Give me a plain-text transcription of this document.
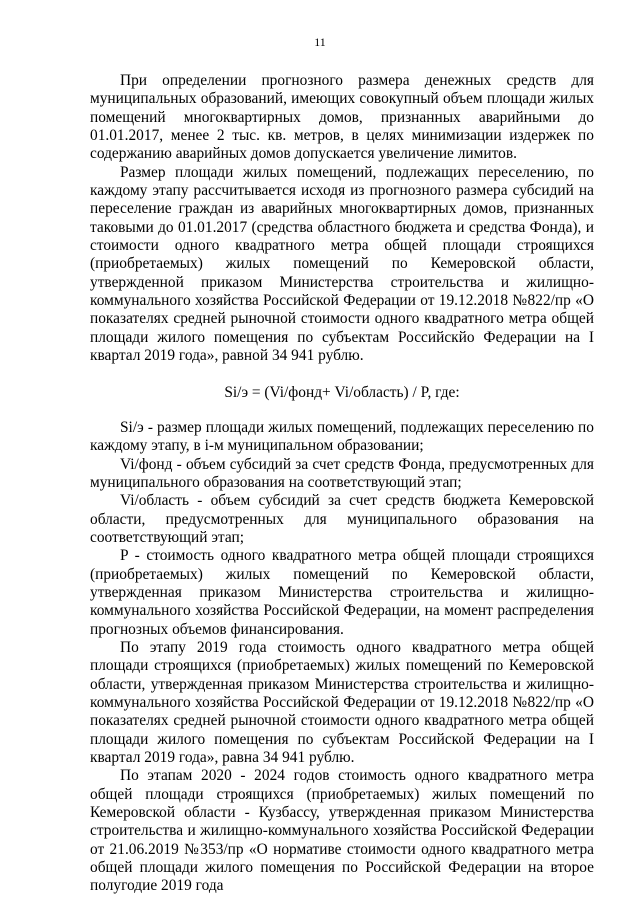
11

При определении прогнозного размера денежных средств для муниципальных образований, имеющих совокупный объем площади жилых помещений многоквартирных домов, признанных аварийными до 01.01.2017, менее 2 тыс. кв. метров, в целях минимизации издержек по содержанию аварийных домов допускается увеличение лимитов.

Размер площади жилых помещений, подлежащих переселению, по каждому этапу рассчитывается исходя из прогнозного размера субсидий на переселение граждан из аварийных многоквартирных домов, признанных таковыми до 01.01.2017 (средства областного бюджета и средства Фонда), и стоимости одного квадратного метра общей площади строящихся (приобретаемых) жилых помещений по Кемеровской области, утвержденной приказом Министерства строительства и жилищно-коммунального хозяйства Российской Федерации от 19.12.2018 №822/пр «О показателях средней рыночной стоимости одного квадратного метра общей площади жилого помещения по субъектам Российскйо Федерации на I квартал 2019 года», равной 34 941 рублю.

Si/э = (Vi/фонд+ Vi/область) / P, где:

Si/э - размер площади жилых помещений, подлежащих переселению по каждому этапу, в i-м муниципальном образовании;

Vi/фонд - объем субсидий за счет средств Фонда, предусмотренных для муниципального образования на соответствующий этап;

Vi/область - объем субсидий за счет средств бюджета Кемеровской области, предусмотренных для муниципального образования на соответствующий этап;

P - стоимость одного квадратного метра общей площади строящихся (приобретаемых) жилых помещений по Кемеровской области, утвержденная приказом Министерства строительства и жилищно-коммунального хозяйства Российской Федерации, на момент распределения прогнозных объемов финансирования.

По этапу 2019 года стоимость одного квадратного метра общей площади строящихся (приобретаемых) жилых помещений по Кемеровской области, утвержденная приказом Министерства строительства и жилищно-коммунального хозяйства Российской Федерации от 19.12.2018 №822/пр «О показателях средней рыночной стоимости одного квадратного метра общей площади жилого помещения по субъектам Российской Федерации на I квартал 2019 года», равна 34 941 рублю.

По этапам 2020 - 2024 годов стоимость одного квадратного метра общей площади строящихся (приобретаемых) жилых помещений по Кемеровской области - Кузбассу, утвержденная приказом Министерства строительства и жилищно-коммунального хозяйства Российской Федерации от 21.06.2019 №353/пр «О нормативе стоимости одного квадратного метра общей площади жилого помещения по Российской Федерации на второе полугодие 2019 года
